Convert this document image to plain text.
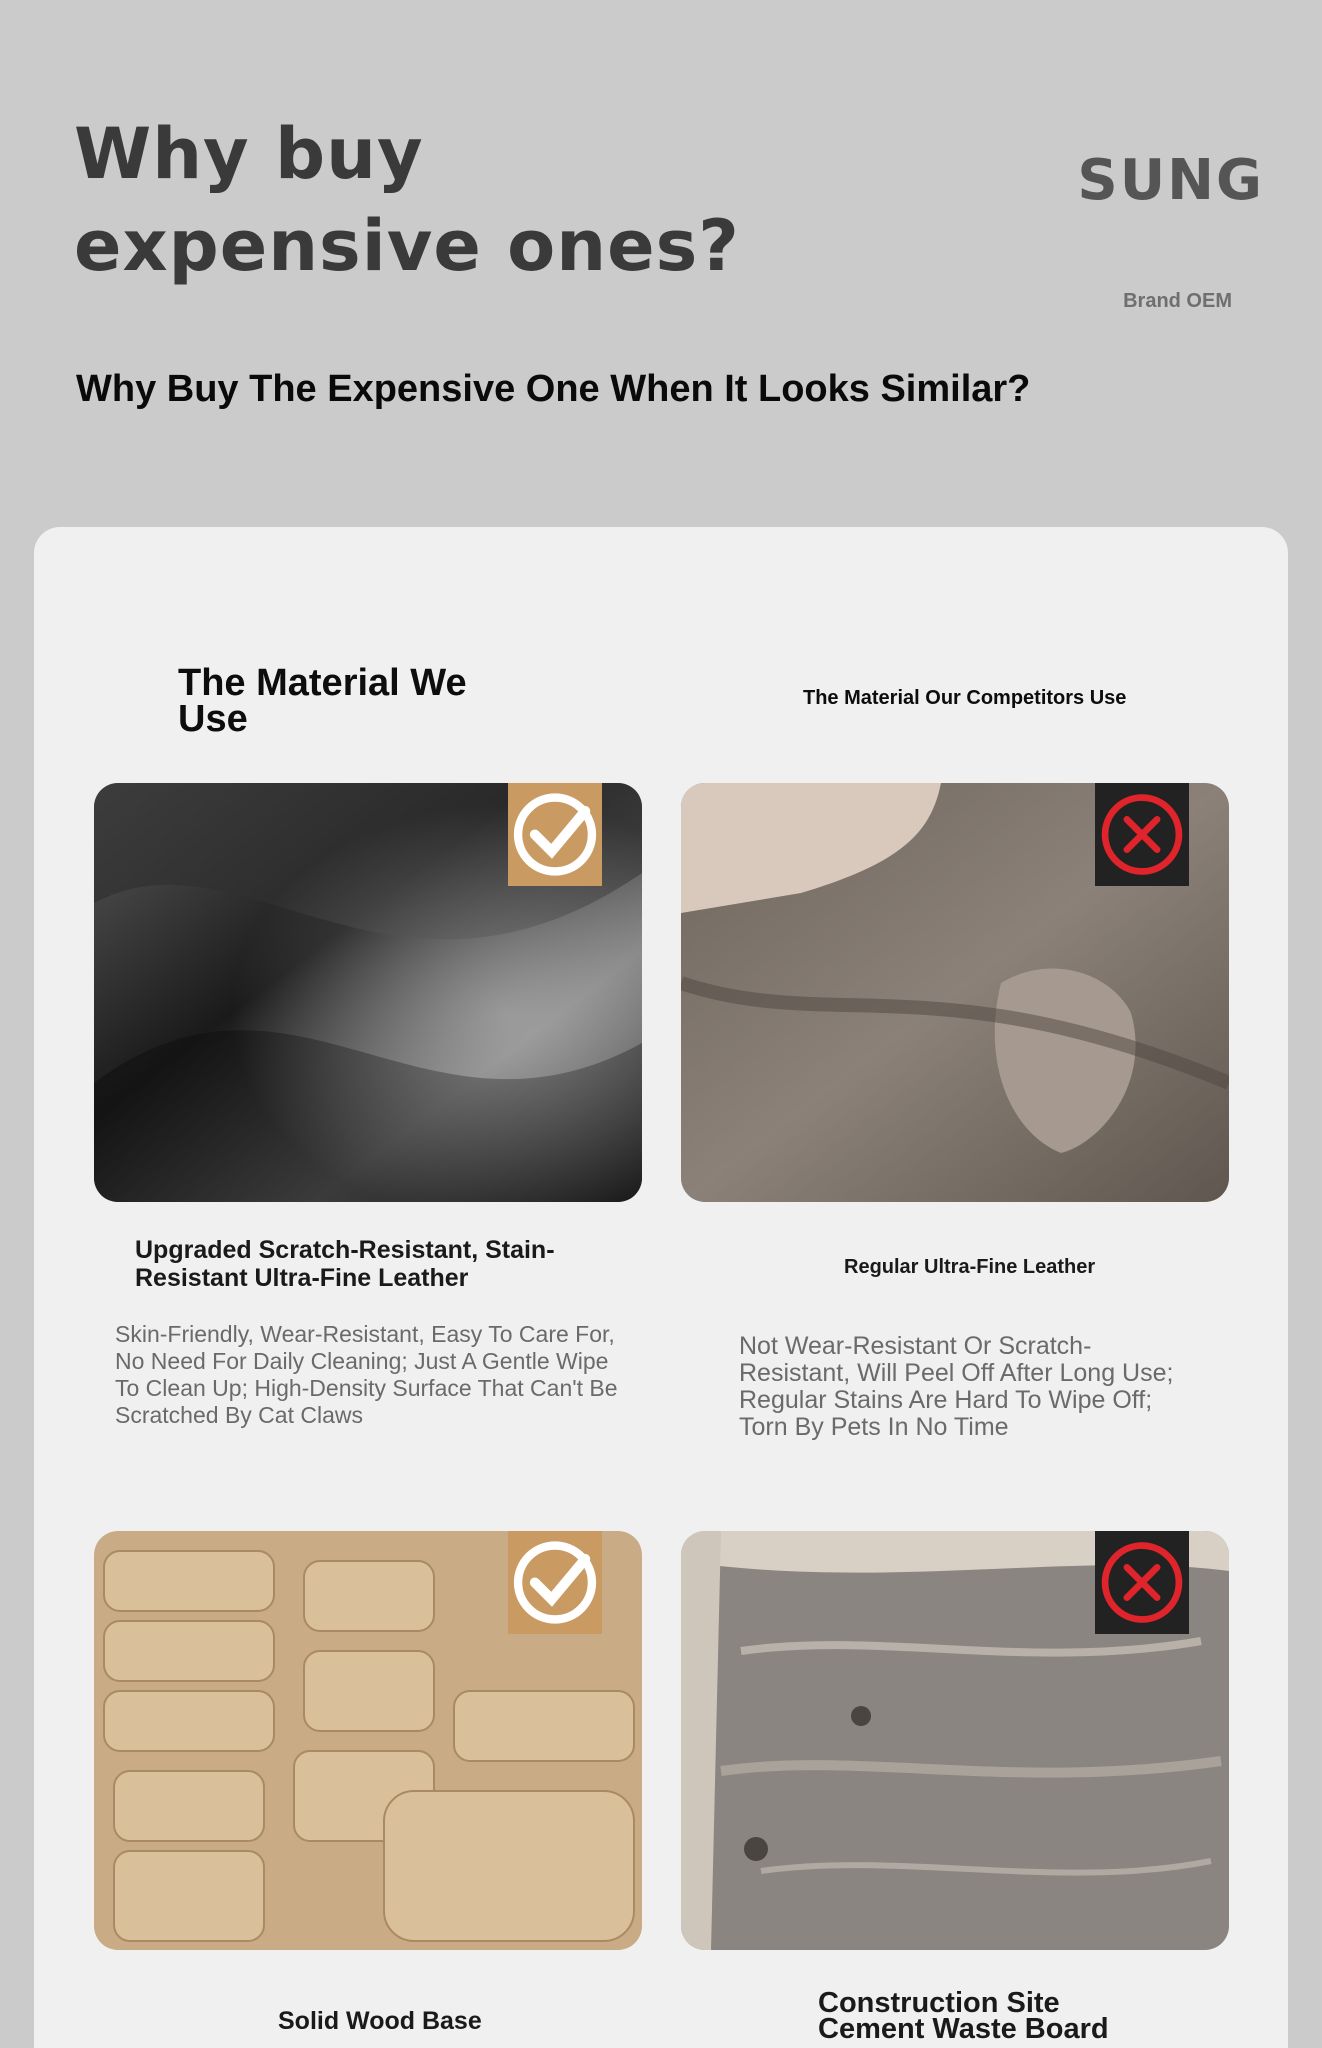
Why buy
expensive ones?
SUNG
Brand OEM
Why Buy The Expensive One When It Looks Similar?
The Material We Use	The Material Our Competitors Use
Upgraded Scratch-Resistant, Stain-Resistant Ultra-Fine Leather	Regular Ultra-Fine Leather
Skin-Friendly, Wear-Resistant, Easy To Care For, No Need For Daily Cleaning; Just A Gentle Wipe To Clean Up; High-Density Surface That Can't Be Scratched By Cat Claws
Not Wear-Resistant Or Scratch-Resistant, Will Peel Off After Long Use; Regular Stains Are Hard To Wipe Off; Torn By Pets In No Time
Solid Wood Base
Construction Site Cement Waste Board
